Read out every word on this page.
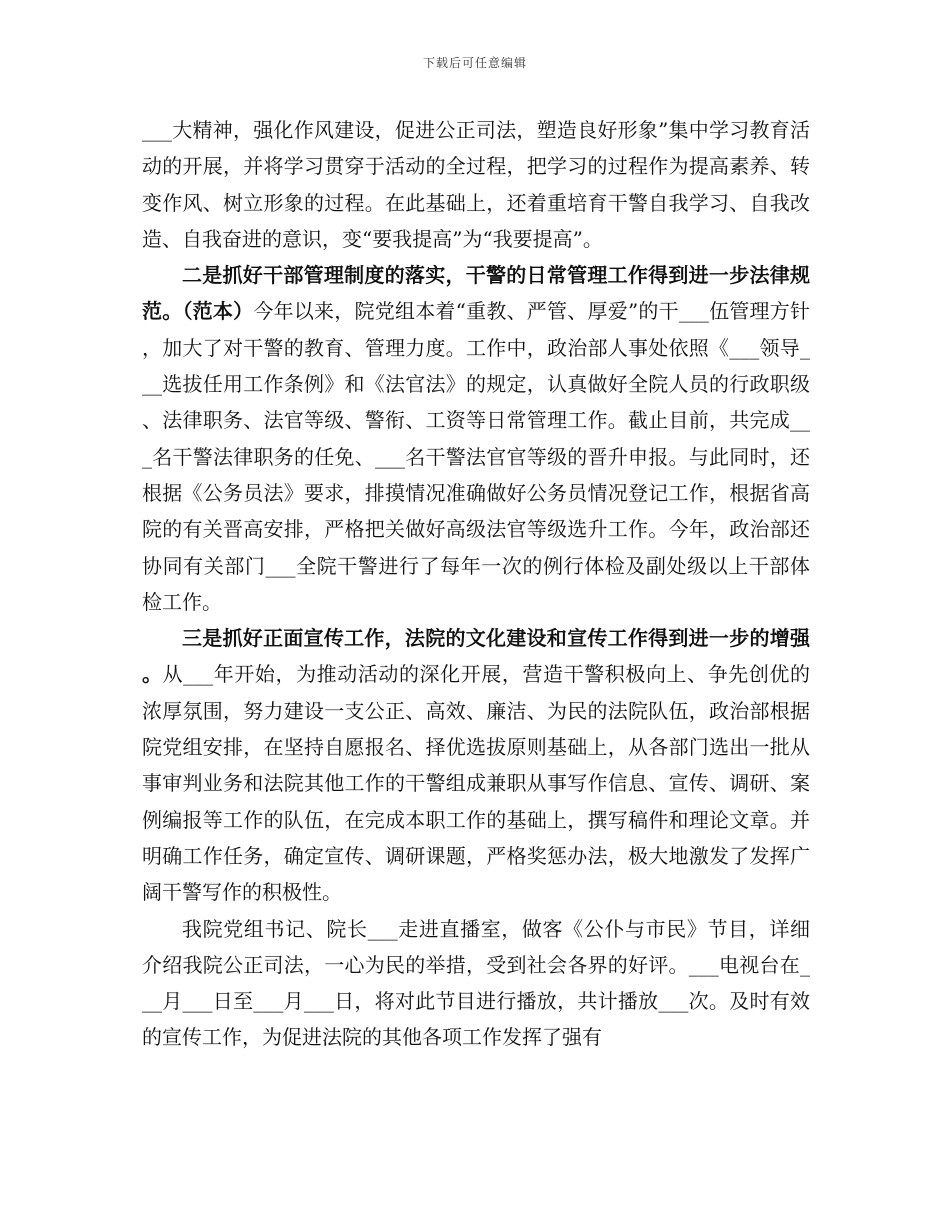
下载后可任意编辑

___大精神，强化作风建设，促进公正司法，塑造良好形象”集中学习教育活动的开展，并将学习贯穿于活动的全过程，把学习的过程作为提高素养、转变作风、树立形象的过程。在此基础上，还着重培育干警自我学习、自我改造、自我奋进的意识，变“要我提高”为“我要提高”。

二是抓好干部管理制度的落实，干警的日常管理工作得到进一步法律规范。（范本）今年以来，院党组本着“重教、严管、厚爱”的干___伍管理方针，加大了对干警的教育、管理力度。工作中，政治部人事处依照《___领导___选拔任用工作条例》和《法官法》的规定，认真做好全院人员的行政职级、法律职务、法官等级、警衔、工资等日常管理工作。截止目前，共完成___名干警法律职务的任免、___名干警法官官等级的晋升申报。与此同时，还根据《公务员法》要求，排摸情况准确做好公务员情况登记工作，根据省高院的有关晋高安排，严格把关做好高级法官等级选升工作。今年，政治部还协同有关部门___全院干警进行了每年一次的例行体检及副处级以上干部体检工作。

三是抓好正面宣传工作，法院的文化建设和宣传工作得到进一步的增强。从___年开始，为推动活动的深化开展，营造干警积极向上、争先创优的浓厚氛围，努力建设一支公正、高效、廉洁、为民的法院队伍，政治部根据院党组安排，在坚持自愿报名、择优选拔原则基础上，从各部门选出一批从事审判业务和法院其他工作的干警组成兼职从事写作信息、宣传、调研、案例编报等工作的队伍，在完成本职工作的基础上，撰写稿件和理论文章。并明确工作任务，确定宣传、调研课题，严格奖惩办法，极大地激发了发挥广阔干警写作的积极性。

我院党组书记、院长___走进直播室，做客《公仆与市民》节目，详细介绍我院公正司法，一心为民的举措，受到社会各界的好评。___电视台在___月___日至___月___日，将对此节目进行播放，共计播放___次。及时有效的宣传工作，为促进法院的其他各项工作发挥了强有
